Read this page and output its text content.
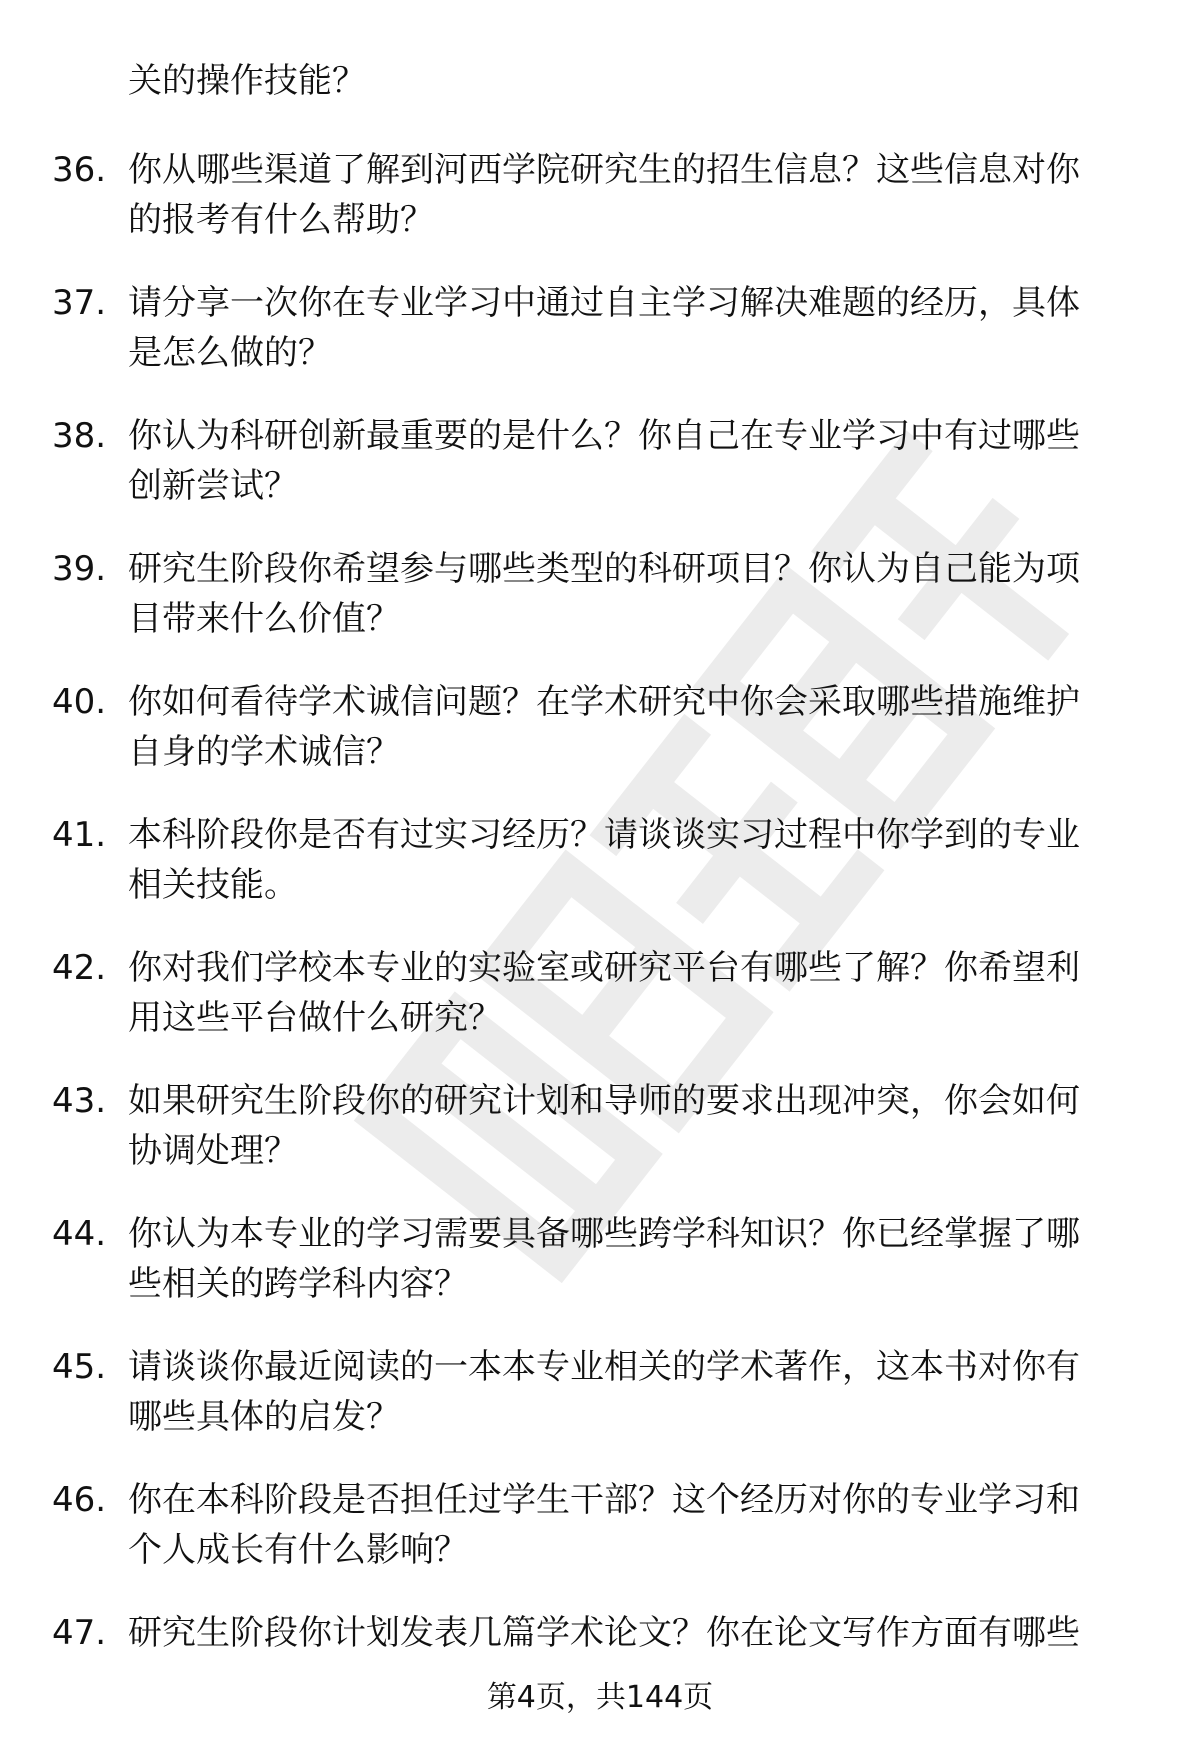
关的操作技能？
36. 你从哪些渠道了解到河西学院研究生的招生信息？这些信息对你
的报考有什么帮助？
37. 请分享一次你在专业学习中通过自主学习解决难题的经历，具体
是怎么做的？
38. 你认为科研创新最重要的是什么？你自己在专业学习中有过哪些
创新尝试？
39. 研究生阶段你希望参与哪些类型的科研项目？你认为自己能为项
目带来什么价值？
40. 你如何看待学术诚信问题？在学术研究中你会采取哪些措施维护
自身的学术诚信？
41. 本科阶段你是否有过实习经历？请谈谈实习过程中你学到的专业
相关技能。
42. 你对我们学校本专业的实验室或研究平台有哪些了解？你希望利
用这些平台做什么研究？
43. 如果研究生阶段你的研究计划和导师的要求出现冲突，你会如何
协调处理？
44. 你认为本专业的学习需要具备哪些跨学科知识？你已经掌握了哪
些相关的跨学科内容？
45. 请谈谈你最近阅读的一本本专业相关的学术著作，这本书对你有
哪些具体的启发？
46. 你在本科阶段是否担任过学生干部？这个经历对你的专业学习和
个人成长有什么影响？
47. 研究生阶段你计划发表几篇学术论文？你在论文写作方面有哪些
第4页，共144页
